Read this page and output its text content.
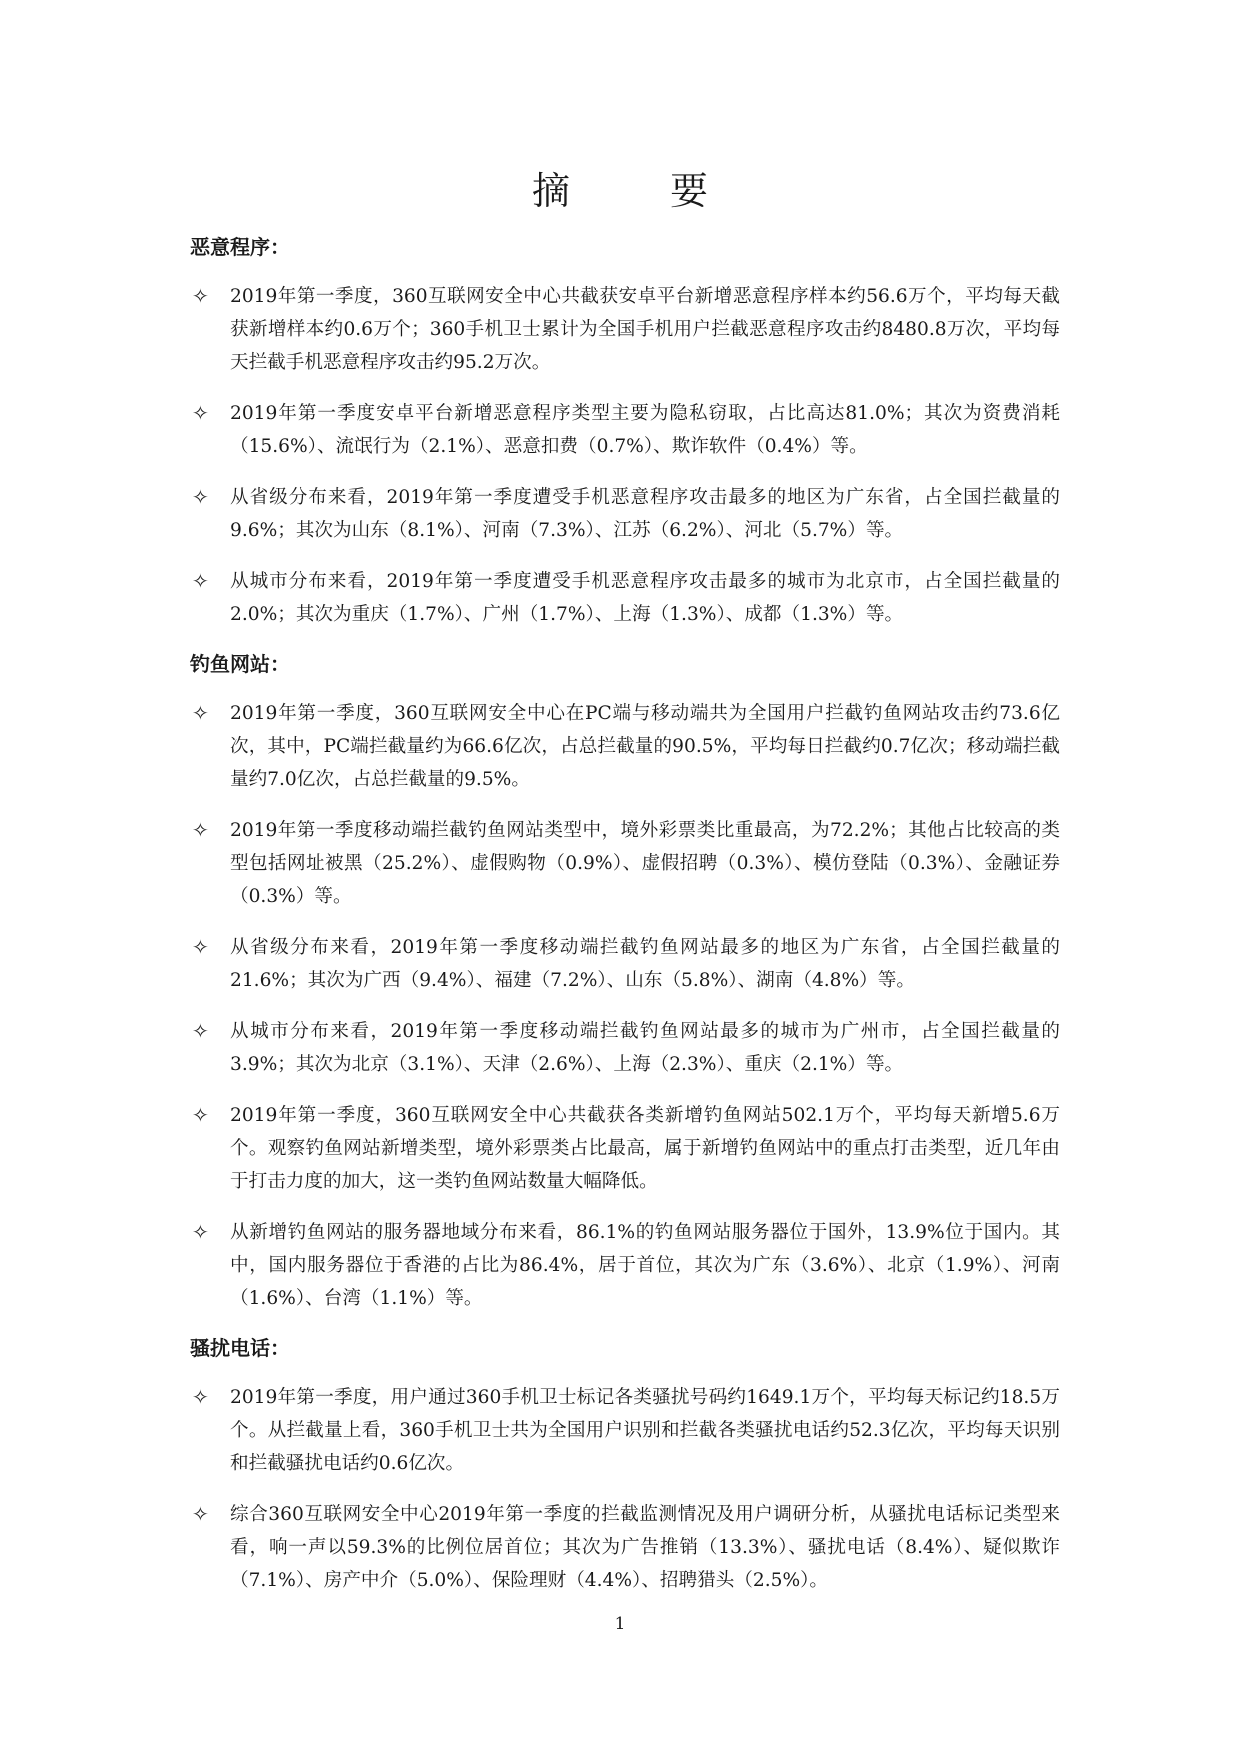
摘 要
恶意程序：
✧ 2019年第一季度，360互联网安全中心共截获安卓平台新增恶意程序样本约56.6万个，平均每天截获新增样本约0.6万个；360手机卫士累计为全国手机用户拦截恶意程序攻击约8480.8万次，平均每天拦截手机恶意程序攻击约95.2万次。
✧ 2019年第一季度安卓平台新增恶意程序类型主要为隐私窃取，占比高达81.0%；其次为资费消耗（15.6%）、流氓行为（2.1%）、恶意扣费（0.7%）、欺诈软件（0.4%）等。
✧ 从省级分布来看，2019年第一季度遭受手机恶意程序攻击最多的地区为广东省，占全国拦截量的9.6%；其次为山东（8.1%）、河南（7.3%）、江苏（6.2%）、河北（5.7%）等。
✧ 从城市分布来看，2019年第一季度遭受手机恶意程序攻击最多的城市为北京市，占全国拦截量的2.0%；其次为重庆（1.7%）、广州（1.7%）、上海（1.3%）、成都（1.3%）等。
钓鱼网站：
✧ 2019年第一季度，360互联网安全中心在PC端与移动端共为全国用户拦截钓鱼网站攻击约73.6亿次，其中，PC端拦截量约为66.6亿次，占总拦截量的90.5%，平均每日拦截约0.7亿次；移动端拦截量约7.0亿次，占总拦截量的9.5%。
✧ 2019年第一季度移动端拦截钓鱼网站类型中，境外彩票类比重最高，为72.2%；其他占比较高的类型包括网址被黑（25.2%）、虚假购物（0.9%）、虚假招聘（0.3%）、模仿登陆（0.3%）、金融证券（0.3%）等。
✧ 从省级分布来看，2019年第一季度移动端拦截钓鱼网站最多的地区为广东省，占全国拦截量的21.6%；其次为广西（9.4%）、福建（7.2%）、山东（5.8%）、湖南（4.8%）等。
✧ 从城市分布来看，2019年第一季度移动端拦截钓鱼网站最多的城市为广州市，占全国拦截量的3.9%；其次为北京（3.1%）、天津（2.6%）、上海（2.3%）、重庆（2.1%）等。
✧ 2019年第一季度，360互联网安全中心共截获各类新增钓鱼网站502.1万个，平均每天新增5.6万个。观察钓鱼网站新增类型，境外彩票类占比最高，属于新增钓鱼网站中的重点打击类型，近几年由于打击力度的加大，这一类钓鱼网站数量大幅降低。
✧ 从新增钓鱼网站的服务器地域分布来看，86.1%的钓鱼网站服务器位于国外，13.9%位于国内。其中，国内服务器位于香港的占比为86.4%，居于首位，其次为广东（3.6%）、北京（1.9%）、河南（1.6%）、台湾（1.1%）等。
骚扰电话：
✧ 2019年第一季度，用户通过360手机卫士标记各类骚扰号码约1649.1万个，平均每天标记约18.5万个。从拦截量上看，360手机卫士共为全国用户识别和拦截各类骚扰电话约52.3亿次，平均每天识别和拦截骚扰电话约0.6亿次。
✧ 综合360互联网安全中心2019年第一季度的拦截监测情况及用户调研分析，从骚扰电话标记类型来看，响一声以59.3%的比例位居首位；其次为广告推销（13.3%）、骚扰电话（8.4%）、疑似欺诈（7.1%）、房产中介（5.0%）、保险理财（4.4%）、招聘猎头（2.5%）。
1
